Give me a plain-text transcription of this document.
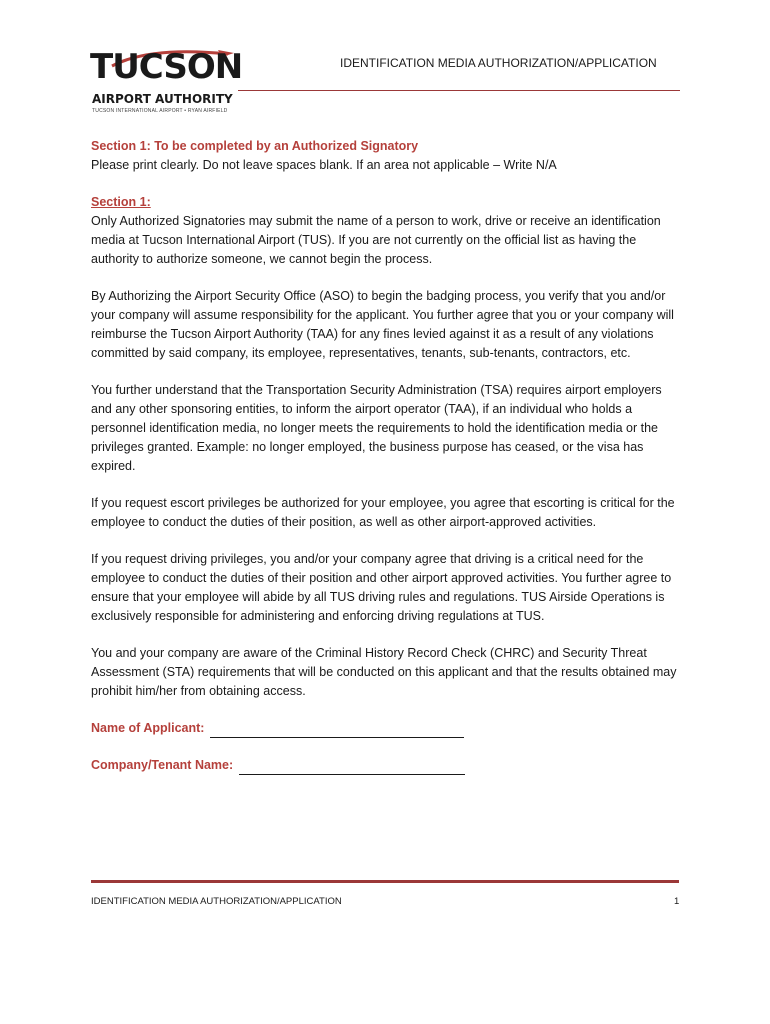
TUCSON
AIRPORT AUTHORITY
TUCSON INTERNATIONAL AIRPORT • RYAN AIRFIELD
IDENTIFICATION MEDIA AUTHORIZATION/APPLICATION
Section 1: To be completed by an Authorized Signatory

Please print clearly. Do not leave spaces blank. If an area not applicable – Write N/A

Section 1:

Only Authorized Signatories may submit the name of a person to work, drive or receive an identification media at Tucson International Airport (TUS). If you are not currently on the official list as having the authority to authorize someone, we cannot begin the process.

By Authorizing the Airport Security Office (ASO) to begin the badging process, you verify that you and/or your company will assume responsibility for the applicant. You further agree that you or your company will reimburse the Tucson Airport Authority (TAA) for any fines levied against it as a result of any violations committed by said company, its employee, representatives, tenants, sub-tenants, contractors, etc.

You further understand that the Transportation Security Administration (TSA) requires airport employers and any other sponsoring entities, to inform the airport operator (TAA), if an individual who holds a personnel identification media, no longer meets the requirements to hold the identification media or the privileges granted. Example: no longer employed, the business purpose has ceased, or the visa has expired.

If you request escort privileges be authorized for your employee, you agree that escorting is critical for the employee to conduct the duties of their position, as well as other airport-approved activities.

If you request driving privileges, you and/or your company agree that driving is a critical need for the employee to conduct the duties of their position and other airport approved activities. You further agree to ensure that your employee will abide by all TUS driving rules and regulations. TUS Airside Operations is exclusively responsible for administering and enforcing driving regulations at TUS.

You and your company are aware of the Criminal History Record Check (CHRC) and Security Threat Assessment (STA) requirements that will be conducted on this applicant and that the results obtained may prohibit him/her from obtaining access.

Name of Applicant:
Company/Tenant Name:
IDENTIFICATION MEDIA AUTHORIZATION/APPLICATION	1
